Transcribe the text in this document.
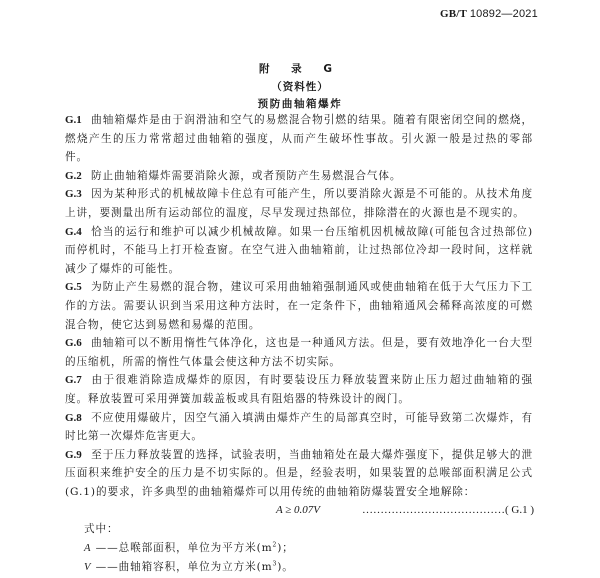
GB/T 10892—2021
附 录 G
（资料性）
预防曲轴箱爆炸

G.1 曲轴箱爆炸是由于润滑油和空气的易燃混合物引燃的结果。随着有限密闭空间的燃烧，燃烧产生的压力常常超过曲轴箱的强度，从而产生破坏性事故。引火源一般是过热的零部件。

G.2 防止曲轴箱爆炸需要消除火源，或者预防产生易燃混合气体。

G.3 因为某种形式的机械故障卡住总有可能产生，所以要消除火源是不可能的。从技术角度上讲，要测量出所有运动部位的温度，尽早发现过热部位，排除潜在的火源也是不现实的。

G.4 恰当的运行和维护可以减少机械故障。如果一台压缩机因机械故障(可能包含过热部位)而停机时，不能马上打开检查窗。在空气进入曲轴箱前，让过热部位冷却一段时间，这样就减少了爆炸的可能性。

G.5 为防止产生易燃的混合物，建议可采用曲轴箱强制通风或使曲轴箱在低于大气压力下工作的方法。需要认识到当采用这种方法时，在一定条件下，曲轴箱通风会稀释高浓度的可燃混合物，使它达到易燃和易爆的范围。

G.6 曲轴箱可以不断用惰性气体净化，这也是一种通风方法。但是，要有效地净化一台大型的压缩机，所需的惰性气体量会使这种方法不切实际。

G.7 由于很难消除造成爆炸的原因，有时要装设压力释放装置来防止压力超过曲轴箱的强度。释放装置可采用弹簧加载盖板或具有阻焰器的特殊设计的阀门。

G.8 不应使用爆破片，因空气涌入填满由爆炸产生的局部真空时，可能导致第二次爆炸，有时比第一次爆炸危害更大。

G.9 至于压力释放装置的选择，试验表明，当曲轴箱处在最大爆炸强度下，提供足够大的泄压面积来维护安全的压力是不切实际的。但是，经验表明，如果装置的总喉部面积满足公式(G.1)的要求，许多典型的曲轴箱爆炸可以用传统的曲轴箱防爆装置安全地解除：

A ≥ 0.07V	…………………………………( G.1 )
式中：
A ——总喉部面积，单位为平方米$(m^2)$；
V ——曲轴箱容积，单位为立方米$(m^3)$。
